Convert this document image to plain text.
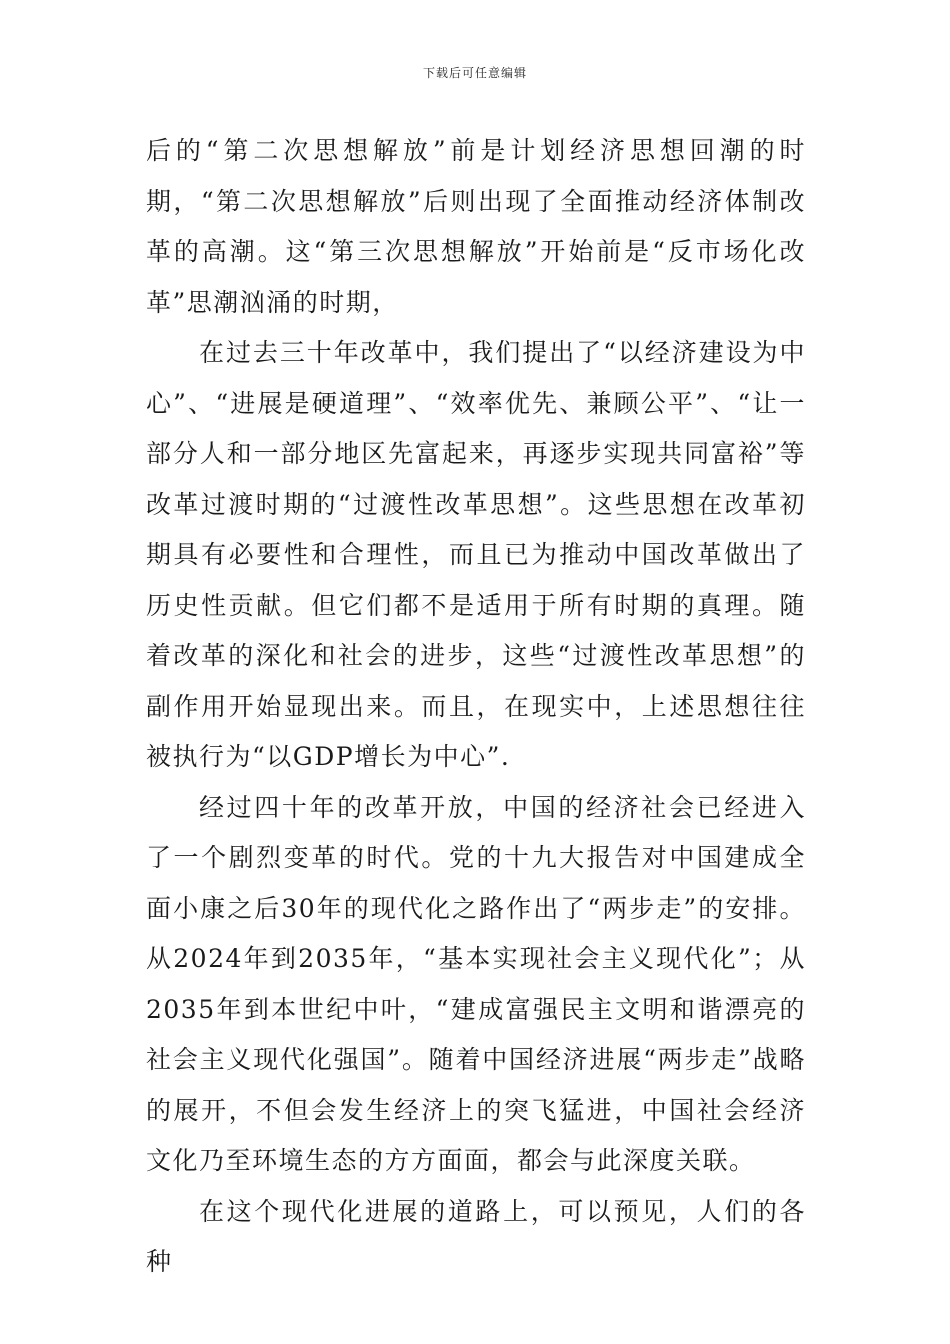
下载后可任意编辑

后的“第二次思想解放”前是计划经济思想回潮的时期，“第二次思想解放”后则出现了全面推动经济体制改革的高潮。这“第三次思想解放”开始前是“反市场化改革”思潮汹涌的时期，

在过去三十年改革中，我们提出了“以经济建设为中心”、“进展是硬道理”、“效率优先、兼顾公平”、“让一部分人和一部分地区先富起来，再逐步实现共同富裕”等改革过渡时期的“过渡性改革思想”。这些思想在改革初期具有必要性和合理性，而且已为推动中国改革做出了历史性贡献。但它们都不是适用于所有时期的真理。随着改革的深化和社会的进步，这些“过渡性改革思想”的副作用开始显现出来。而且，在现实中，上述思想往往被执行为“以GDP增长为中心”.

经过四十年的改革开放，中国的经济社会已经进入了一个剧烈变革的时代。党的十九大报告对中国建成全面小康之后30年的现代化之路作出了“两步走”的安排。从2024年到2035年，“基本实现社会主义现代化”；从2035年到本世纪中叶，“建成富强民主文明和谐漂亮的社会主义现代化强国”。随着中国经济进展“两步走”战略的展开，不但会发生经济上的突飞猛进，中国社会经济文化乃至环境生态的方方面面，都会与此深度关联。

在这个现代化进展的道路上，可以预见，人们的各种
